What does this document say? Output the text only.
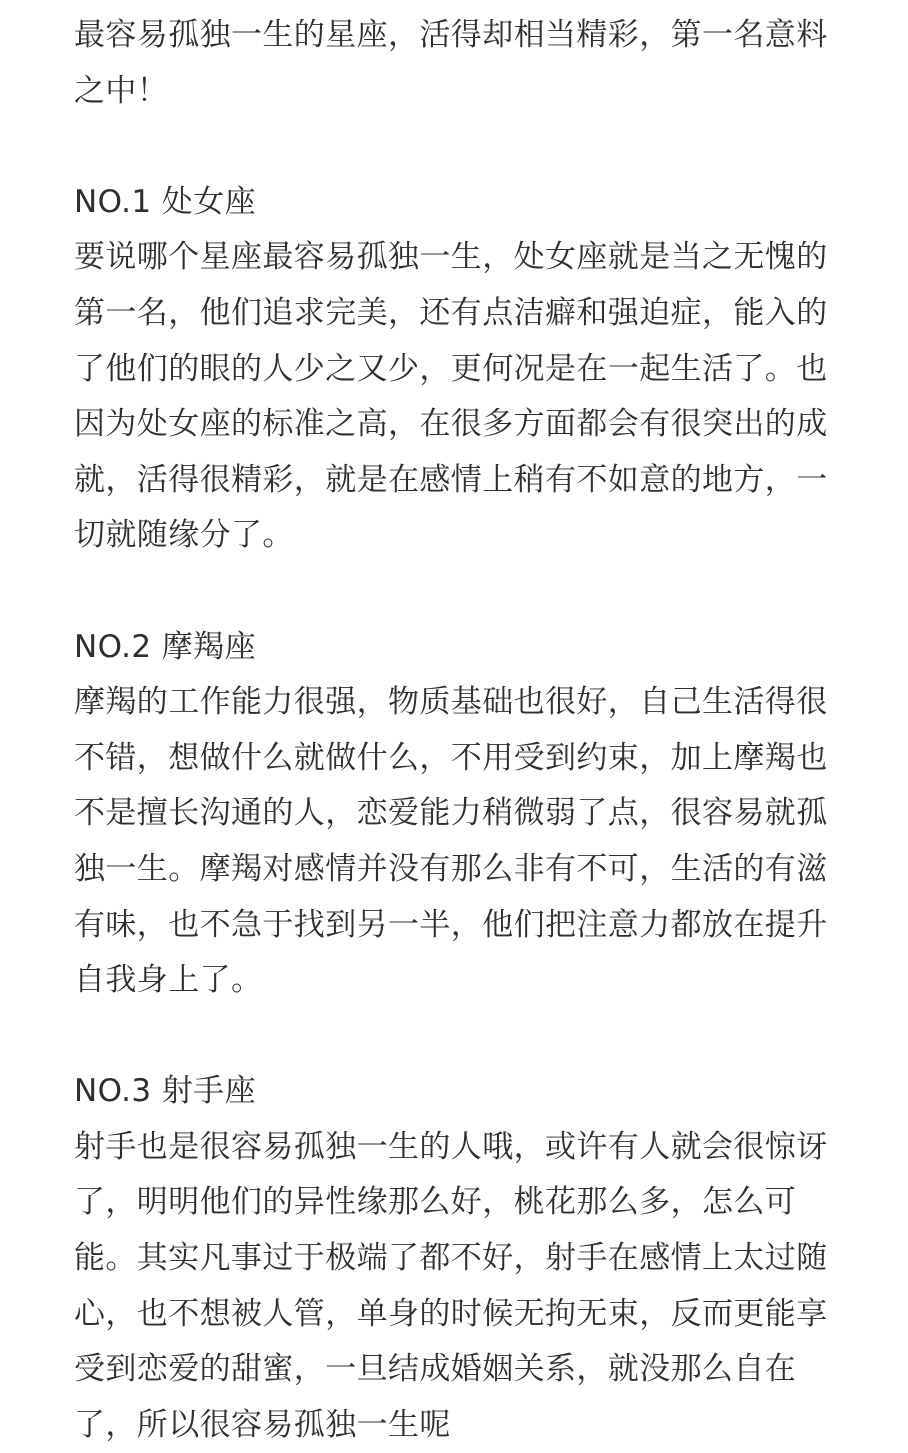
最容易孤独一生的星座，活得却相当精彩，第一名意料之中！

NO.1 处女座

要说哪个星座最容易孤独一生，处女座就是当之无愧的第一名，他们追求完美，还有点洁癖和强迫症，能入的了他们的眼的人少之又少，更何况是在一起生活了。也因为处女座的标准之高，在很多方面都会有很突出的成就，活得很精彩，就是在感情上稍有不如意的地方，一切就随缘分了。

NO.2 摩羯座

摩羯的工作能力很强，物质基础也很好，自己生活得很不错，想做什么就做什么，不用受到约束，加上摩羯也不是擅长沟通的人，恋爱能力稍微弱了点，很容易就孤独一生。摩羯对感情并没有那么非有不可，生活的有滋有味，也不急于找到另一半，他们把注意力都放在提升自我身上了。

NO.3 射手座

射手也是很容易孤独一生的人哦，或许有人就会很惊讶了，明明他们的异性缘那么好，桃花那么多，怎么可能。其实凡事过于极端了都不好，射手在感情上太过随心，也不想被人管，单身的时候无拘无束，反而更能享受到恋爱的甜蜜，一旦结成婚姻关系，就没那么自在了，所以很容易孤独一生呢
